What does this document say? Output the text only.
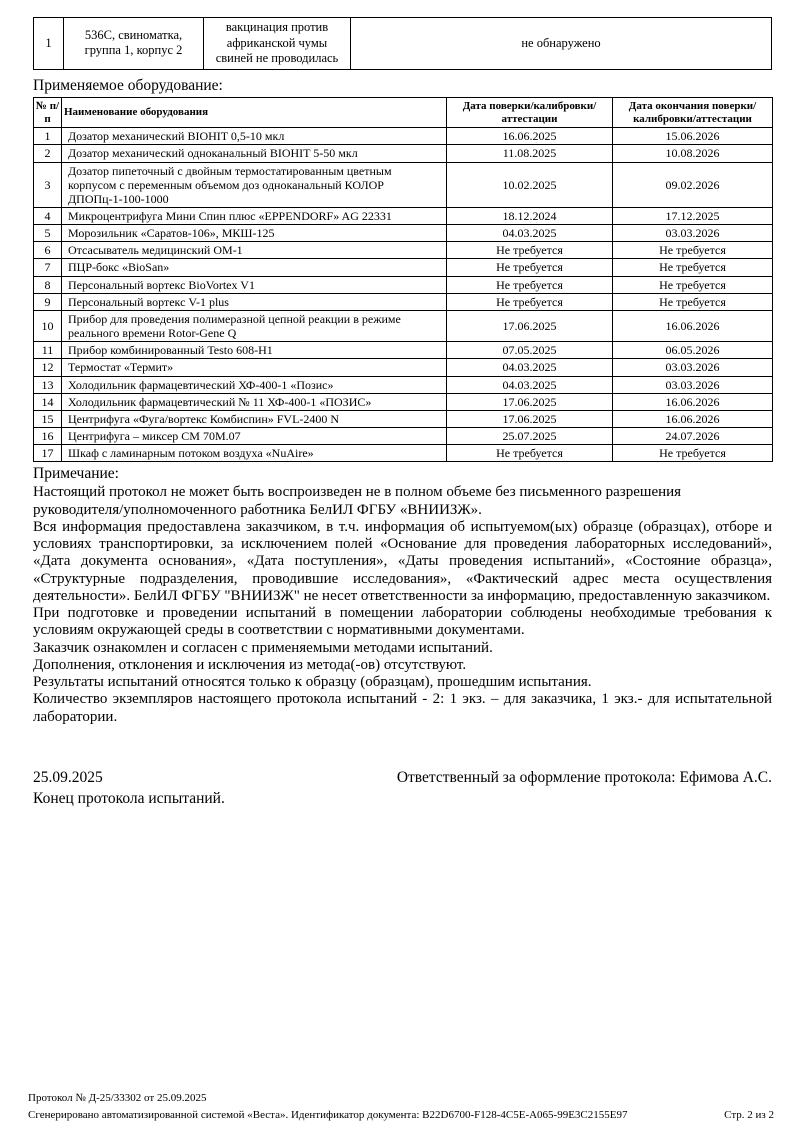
1	536С, свиноматка, группа 1, корпус 2	вакцинация против африканской чумы свиней не проводилась	не обнаружено
Применяемое оборудование:
№ п/п	Наименование оборудования	Дата поверки/калибровки/аттестации	Дата окончания поверки/калибровки/аттестации
1	Дозатор механический BIOHIT 0,5-10 мкл	16.06.2025	15.06.2026
2	Дозатор механический одноканальный BIOHIT 5-50 мкл	11.08.2025	10.08.2026
3	Дозатор пипеточный с двойным термостатированным цветным корпусом с переменным объемом доз одноканальный КОЛОР ДПОПц-1-100-1000	10.02.2025	09.02.2026
4	Микроцентрифуга Мини Спин плюс «EPPENDORF» AG 22331	18.12.2024	17.12.2025
5	Морозильник «Саратов-106», МКШ-125	04.03.2025	03.03.2026
6	Отсасыватель медицинский ОМ-1	Не требуется	Не требуется
7	ПЦР-бокс «BioSan»	Не требуется	Не требуется
8	Персональный вортекс BioVortex V1	Не требуется	Не требуется
9	Персональный вортекс V-1 plus	Не требуется	Не требуется
10	Прибор для проведения полимеразной цепной реакции в режиме реального времени Rotor-Gene Q	17.06.2025	16.06.2026
11	Прибор комбинированный Testo 608-H1	07.05.2025	06.05.2026
12	Термостат «Термит»	04.03.2025	03.03.2026
13	Холодильник фармацевтический ХФ-400-1 «Позис»	04.03.2025	03.03.2026
14	Холодильник фармацевтический № 11 ХФ-400-1 «ПОЗИС»	17.06.2025	16.06.2026
15	Центрифуга «Фуга/вортекс Комбиспин» FVL-2400 N	17.06.2025	16.06.2026
16	Центрифуга – миксер СМ 70М.07	25.07.2025	24.07.2026
17	Шкаф с ламинарным потоком воздуха «NuAire»	Не требуется	Не требуется
Примечание:

Настоящий протокол не может быть воспроизведен не в полном объеме без письменного разрешения руководителя/уполномоченного работника БелИЛ ФГБУ «ВНИИЗЖ».

Вся информация предоставлена заказчиком, в т.ч. информация об испытуемом(ых) образце (образцах), отборе и условиях транспортировки, за исключением полей «Основание для проведения лабораторных исследований», «Дата документа основания», «Дата поступления», «Даты проведения испытаний», «Состояние образца», «Структурные подразделения, проводившие исследования», «Фактический адрес места осуществления деятельности». БелИЛ ФГБУ "ВНИИЗЖ" не несет ответственности за информацию, предоставленную заказчиком.

При подготовке и проведении испытаний в помещении лаборатории соблюдены необходимые требования к условиям окружающей среды в соответствии с нормативными документами.

Заказчик ознакомлен и согласен с применяемыми методами испытаний.

Дополнения, отклонения и исключения из метода(-ов) отсутствуют.

Результаты испытаний относятся только к образцу (образцам), прошедшим испытания.

Количество экземпляров настоящего протокола испытаний - 2: 1 экз. – для заказчика, 1 экз.- для испытательной лаборатории.

25.09.2025	Ответственный за оформление протокола: Ефимова А.С.
Конец протокола испытаний.
Протокол № Д-25/33302 от 25.09.2025
Сгенерировано автоматизированной системой «Веста». Идентификатор документа: B22D6700-F128-4C5E-A065-99E3C2155E97	Стр. 2 из 2
